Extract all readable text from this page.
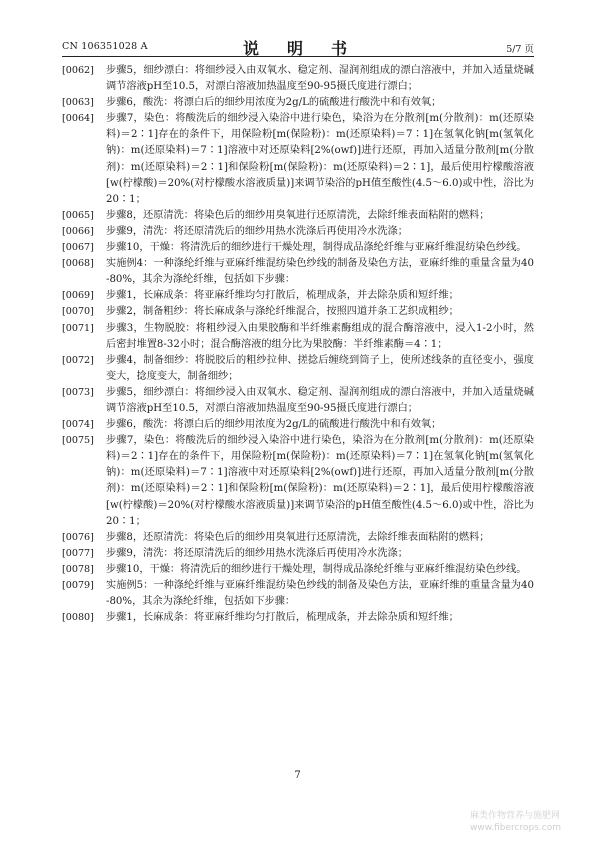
CN 106351028 A	说　明　书	5/7 页
[0062] 步骤5，细纱漂白：将细纱浸入由双氧水、稳定剂、湿润剂组成的漂白溶液中，并加入适量烧碱调节溶液pH至10.5，对漂白溶液加热温度至90-95摄氏度进行漂白；
[0063] 步骤6，酸洗：将漂白后的细纱用浓度为2g/L的硫酸进行酸洗中和有效氧；
[0064] 步骤7，染色：将酸洗后的细纱浸入染浴中进行染色，染浴为在分散剂[m(分散剂)：m(还原染料)＝2∶1]存在的条件下，用保险粉[m(保险粉)：m(还原染料)＝7∶1]在氢氧化钠[m(氢氧化钠)：m(还原染料)＝7∶1]溶液中对还原染料[2%(owf)]进行还原，再加入适量分散剂[m(分散剂)：m(还原染料)＝2∶1]和保险粉[m(保险粉)：m(还原染料)＝2∶1]，最后使用柠檬酸溶液[w(柠檬酸)＝20%(对柠檬酸水溶液质量)]来调节染浴的pH值至酸性(4.5～6.0)或中性，浴比为20∶1；
[0065] 步骤8，还原清洗：将染色后的细纱用臭氧进行还原清洗，去除纤维表面粘附的燃料；
[0066] 步骤9，清洗：将还原清洗后的细纱用热水洗涤后再使用冷水洗涤；
[0067] 步骤10，干燥：将清洗后的细纱进行干燥处理，制得成品涤纶纤维与亚麻纤维混纺染色纱线。
[0068] 实施例4：一种涤纶纤维与亚麻纤维混纺染色纱线的制备及染色方法，亚麻纤维的重量含量为40-80%，其余为涤纶纤维，包括如下步骤：
[0069] 步骤1，长麻成条：将亚麻纤维均匀打散后，梳理成条，并去除杂质和短纤维；
[0070] 步骤2，制备粗纱：将长麻成条与涤纶纤维混合，按照四道并条工艺织成粗纱；
[0071] 步骤3，生物脱胶：将粗纱浸入由果胶酶和半纤维素酶组成的混合酶溶液中，浸入1-2小时，然后密封堆置8-32小时；混合酶溶液的组分比为果胶酶：半纤维素酶＝4∶1；
[0072] 步骤4，制备细纱：将脱胶后的粗纱拉伸、搓捻后缠绕到筒子上，使所述线条的直径变小，强度变大，捻度变大，制备细纱；
[0073] 步骤5，细纱漂白：将细纱浸入由双氧水、稳定剂、湿润剂组成的漂白溶液中，并加入适量烧碱调节溶液pH至10.5，对漂白溶液加热温度至90-95摄氏度进行漂白；
[0074] 步骤6，酸洗：将漂白后的细纱用浓度为2g/L的硫酸进行酸洗中和有效氧；
[0075] 步骤7，染色：将酸洗后的细纱浸入染浴中进行染色，染浴为在分散剂[m(分散剂)：m(还原染料)＝2∶1]存在的条件下，用保险粉[m(保险粉)：m(还原染料)＝7∶1]在氢氧化钠[m(氢氧化钠)：m(还原染料)＝7∶1]溶液中对还原染料[2%(owf)]进行还原，再加入适量分散剂[m(分散剂)：m(还原染料)＝2∶1]和保险粉[m(保险粉)：m(还原染料)＝2∶1]，最后使用柠檬酸溶液[w(柠檬酸)＝20%(对柠檬酸水溶液质量)]来调节染浴的pH值至酸性(4.5～6.0)或中性，浴比为20∶1；
[0076] 步骤8，还原清洗：将染色后的细纱用臭氧进行还原清洗，去除纤维表面粘附的燃料；
[0077] 步骤9，清洗：将还原清洗后的细纱用热水洗涤后再使用冷水洗涤；
[0078] 步骤10，干燥：将清洗后的细纱进行干燥处理，制得成品涤纶纤维与亚麻纤维混纺染色纱线。
[0079] 实施例5：一种涤纶纤维与亚麻纤维混纺染色纱线的制备及染色方法，亚麻纤维的重量含量为40-80%，其余为涤纶纤维，包括如下步骤：
[0080] 步骤1，长麻成条：将亚麻纤维均匀打散后，梳理成条，并去除杂质和短纤维；
7
麻类作物营养与施肥网
www.fibercrops.com
